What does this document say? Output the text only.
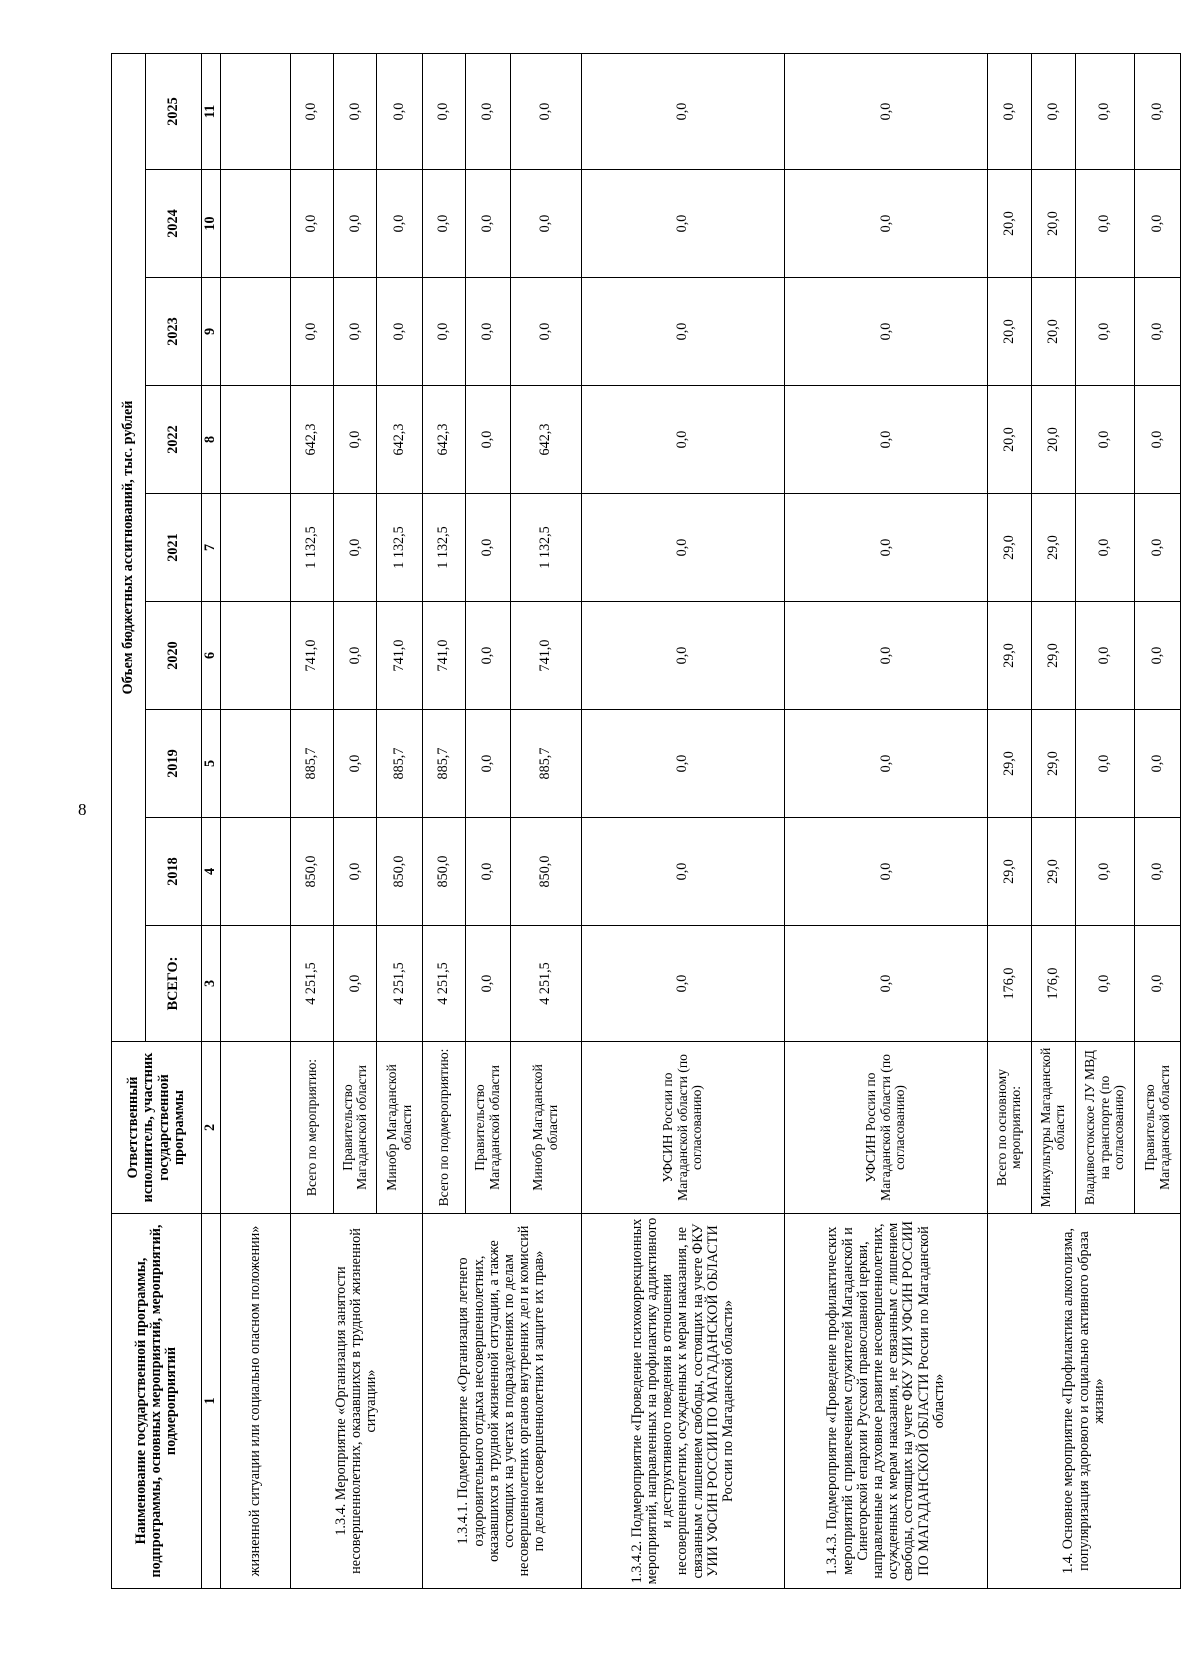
8
Наименование государственной программы, подпрограммы, основных мероприятий, мероприятий, подмероприятий	Ответственный исполнитель, участник государственной программы	Объем бюджетных ассигнований, тыс. рублей								
		ВСЕГО:	2018	2019	2020	2021	2022	2023	2024	2025
1	2	3	4	5	6	7	8	9	10	11
жизненной ситуации или социально опасном положении»										
1.3.4. Мероприятие «Организация занятости несовершеннолетних, оказавшихся в трудной жизненной ситуации»	Всего по мероприятию:	4 251,5	850,0	885,7	741,0	1 132,5	642,3	0,0	0,0	0,0
	Правительство Магаданской области	0,0	0,0	0,0	0,0	0,0	0,0	0,0	0,0	0,0
	Минобр Магаданской области	4 251,5	850,0	885,7	741,0	1 132,5	642,3	0,0	0,0	0,0
1.3.4.1. Подмероприятие «Организация летнего оздоровительного отдыха несовершеннолетних, оказавшихся в трудной жизненной ситуации, а также состоящих на учетах в подразделениях по делам несовершеннолетних органов внутренних дел и комиссий по делам несовершеннолетних и защите их прав»	Всего по подмероприятию:	4 251,5	850,0	885,7	741,0	1 132,5	642,3	0,0	0,0	0,0
	Правительство Магаданской области	0,0	0,0	0,0	0,0	0,0	0,0	0,0	0,0	0,0
	Минобр Магаданской области	4 251,5	850,0	885,7	741,0	1 132,5	642,3	0,0	0,0	0,0
1.3.4.2. Подмероприятие «Проведение психокоррекционных мероприятий, направленных на профилактику аддиктивного и деструктивного поведения в отношении несовершеннолетних, осужденных к мерам наказания, не связанным с лишением свободы, состоящих на учете ФКУ УИИ УФСИН РОССИИ ПО МАГАДАНСКОЙ ОБЛАСТИ России по Магаданской области»	УФСИН России по Магаданской области (по согласованию)	0,0	0,0	0,0	0,0	0,0	0,0	0,0	0,0	0,0
1.3.4.3. Подмероприятие «Проведение профилактических мероприятий с привлечением служителей Магаданской и Синегорской епархии Русской православной церкви, направленные на духовное развитие несовершеннолетних, осужденных к мерам наказания, не связанным с лишением свободы, состоящих на учете ФКУ УИИ УФСИН РОССИИ ПО МАГАДАНСКОЙ ОБЛАСТИ России по Магаданской области»	УФСИН России по Магаданской области (по согласованию)	0,0	0,0	0,0	0,0	0,0	0,0	0,0	0,0	0,0
1.4. Основное мероприятие «Профилактика алкоголизма, популяризация здорового и социально активного образа жизни»	Всего по основному мероприятию:	176,0	29,0	29,0	29,0	29,0	20,0	20,0	20,0	0,0
	Минкультуры Магаданской области	176,0	29,0	29,0	29,0	29,0	20,0	20,0	20,0	0,0
	Владивостокское ЛУ МВД на транспорте (по согласованию)	0,0	0,0	0,0	0,0	0,0	0,0	0,0	0,0	0,0
	Правительство Магаданской области	0,0	0,0	0,0	0,0	0,0	0,0	0,0	0,0	0,0
